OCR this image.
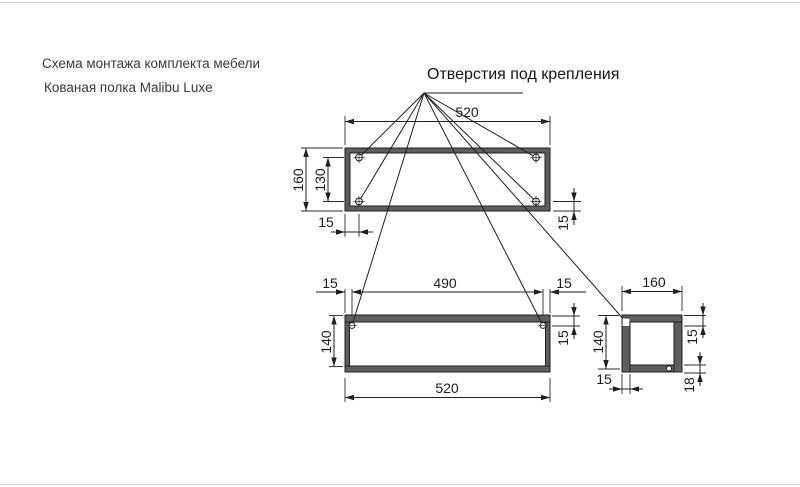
Схема монтажа комплекта мебели
Кованая полка Malibu Luxe
Отверстия под крепления
520
160 130
15	15
490
15	15
140	15
520
160
140	15
18
15
